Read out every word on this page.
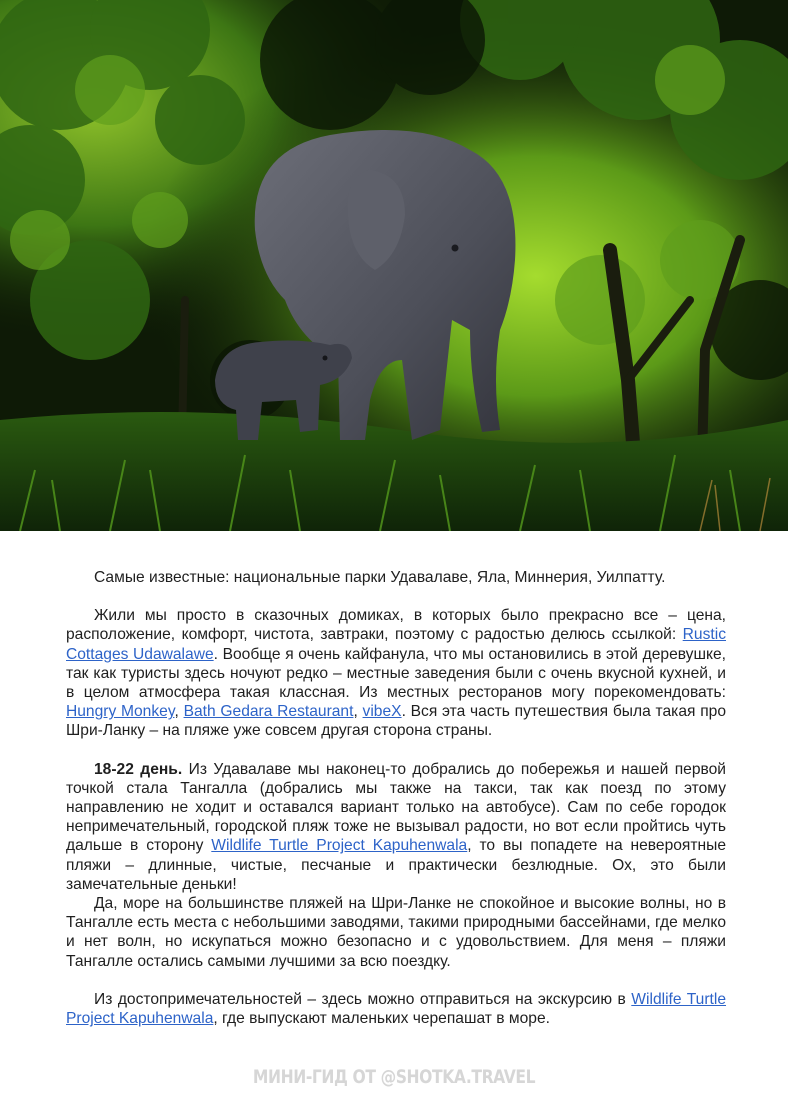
Самые известные: национальные парки Удавалаве, Яла, Миннерия, Уилпатту.

Жили мы просто в сказочных домиках, в которых было прекрасно все – цена, расположение, комфорт, чистота, завтраки, поэтому с радостью делюсь ссылкой: Rustic Cottages Udawalawe. Вообще я очень кайфанула, что мы остановились в этой деревушке, так как туристы здесь ночуют редко – местные заведения были с очень вкусной кухней, и в целом атмосфера такая классная. Из местных ресторанов могу порекомендовать: Hungry Monkey, Bath Gedara Restaurant, vibeX. Вся эта часть путешествия была такая про Шри-Ланку – на пляже уже совсем другая сторона страны.

18-22 день. Из Удавалаве мы наконец-то добрались до побережья и нашей первой точкой стала Тангалла (добрались мы также на такси, так как поезд по этому направлению не ходит и оставался вариант только на автобусе). Сам по себе городок непримечательный, городской пляж тоже не вызывал радости, но вот если пройтись чуть дальше в сторону Wildlife Turtle Project Kapuhenwala, то вы попадете на невероятные пляжи – длинные, чистые, песчаные и практически безлюдные. Ох, это были замечательные деньки!

Да, море на большинстве пляжей на Шри-Ланке не спокойное и высокие волны, но в Тангалле есть места с небольшими заводями, такими природными бассейнами, где мелко и нет волн, но искупаться можно безопасно и с удовольствием. Для меня – пляжи Тангалле остались самыми лучшими за всю поездку.

Из достопримечательностей – здесь можно отправиться на экскурсию в Wildlife Turtle Project Kapuhenwala, где выпускают маленьких черепашат в море.

МИНИ-ГИД ОТ @SHOTKA.TRAVEL
